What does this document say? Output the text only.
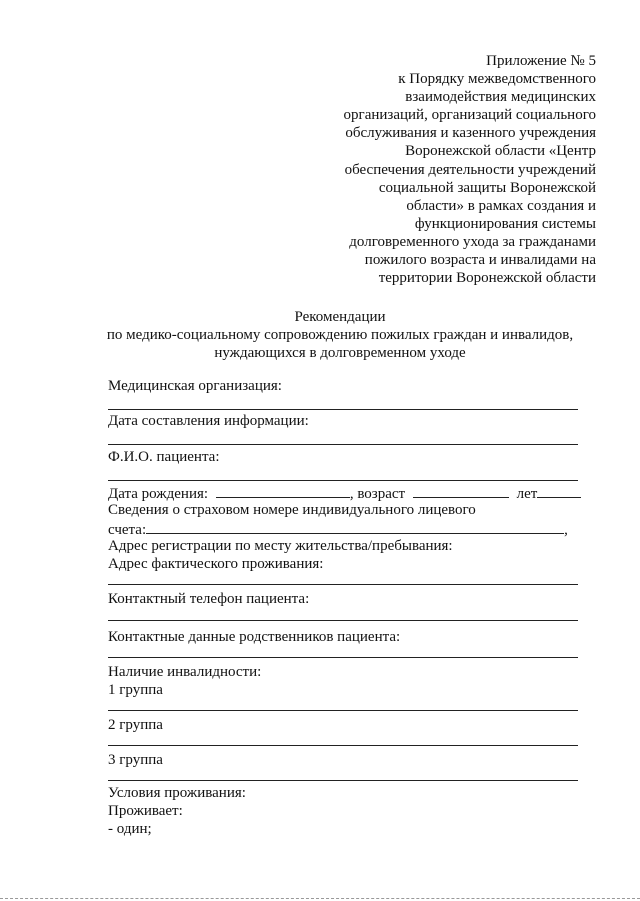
Приложение № 5
к Порядку межведомственного
взаимодействия медицинских
организаций, организаций социального
обслуживания и казенного учреждения
Воронежской области «Центр
обеспечения деятельности учреждений
социальной защиты Воронежской
области» в рамках создания и
функционирования системы
долговременного ухода за гражданами
пожилого возраста и инвалидами на
территории Воронежской области
Рекомендации
по медико-социальному сопровождению пожилых граждан и инвалидов,
нуждающихся в долговременном уходе
Медицинская организация:
Дата составления информации:
Ф.И.О. пациента:
Дата рождения:	, возраст	лет
Сведения о страховом номере индивидуального лицевого
счета:	,
Адрес регистрации по месту жительства/пребывания:
Адрес фактического проживания:
Контактный телефон пациента:
Контактные данные родственников пациента:
Наличие инвалидности:
1 группа
2 группа
3 группа
Условия проживания:
Проживает:
- один;
